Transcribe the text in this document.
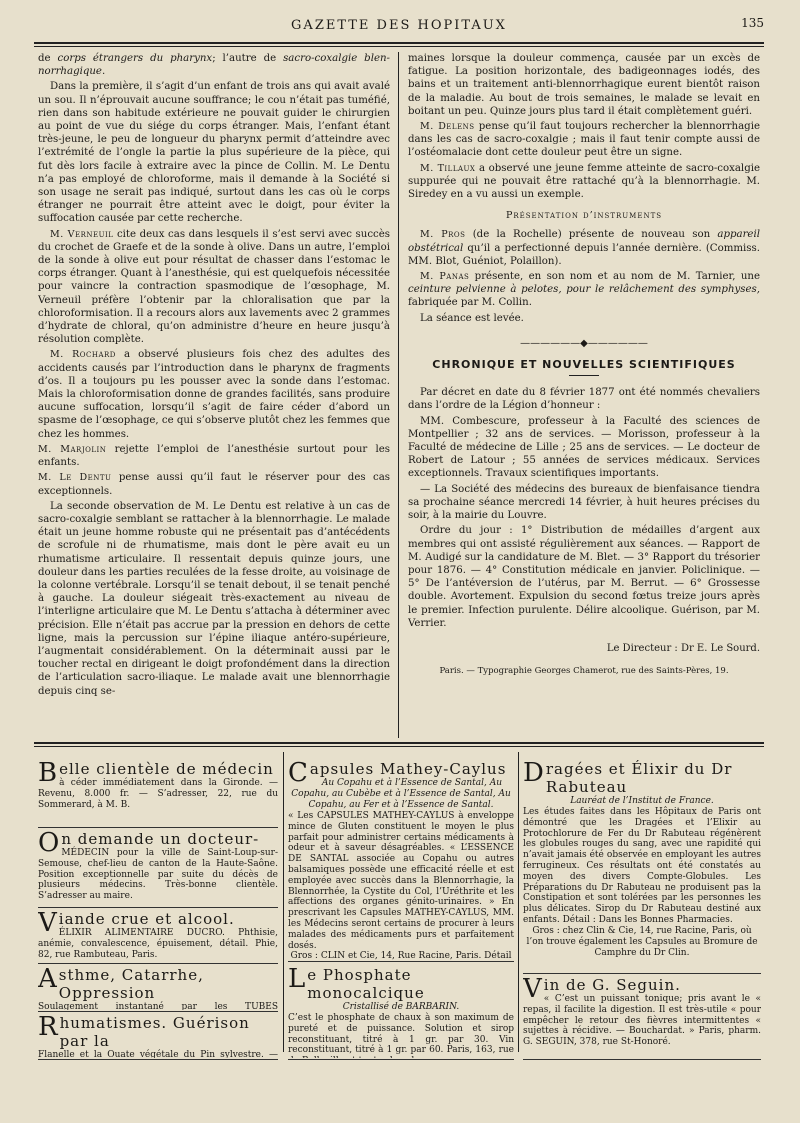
GAZETTE DES HOPITAUX	135

de corps étrangers du pharynx; l’autre de sacro-coxalgie blen- norrhagique.

Dans la première, il s’agit d’un enfant de trois ans qui avait avalé un sou. Il n’éprouvait aucune souffrance; le cou n’était pas tuméfié, rien dans son habitude extérieure ne pouvait guider le chirurgien au point de vue du siége du corps étranger. Mais, l’enfant étant très-jeune, le peu de longueur du pharynx permit d’atteindre avec l’extrémité de l’ongle la partie la plus supérieure de la pièce, qui fut dès lors facile à extraire avec la pince de Collin. M. Le Dentu n’a pas employé de chloroforme, mais il demande à la Société si son usage ne serait pas indiqué, surtout dans les cas où le corps étranger ne pourrait être atteint avec le doigt, pour éviter la suffocation causée par cette recherche.

M. Verneuil cite deux cas dans lesquels il s’est servi avec succès du crochet de Graefe et de la sonde à olive. Dans un autre, l’emploi de la sonde à olive eut pour résultat de chasser dans l’estomac le corps étranger. Quant à l’anesthésie, qui est quelquefois nécessitée pour vaincre la contraction spasmodique de l’œsophage, M. Verneuil préfère l’obtenir par la chloralisation que par la chloroformisation. Il a recours alors aux lavements avec 2 grammes d’hydrate de chloral, qu’on administre d’heure en heure jusqu’à résolution complète.

M. Rochard a observé plusieurs fois chez des adultes des accidents causés par l’introduction dans le pharynx de fragments d’os. Il a toujours pu les pousser avec la sonde dans l’estomac. Mais la chloroformisation donne de grandes facilités, sans produire aucune suffocation, lorsqu’il s’agit de faire céder d’abord un spasme de l’œsophage, ce qui s’observe plutôt chez les femmes que chez les hommes.

M. Marjolin rejette l’emploi de l’anesthésie surtout pour les enfants.

M. Le Dentu pense aussi qu’il faut le réserver pour des cas exceptionnels.

La seconde observation de M. Le Dentu est relative à un cas de sacro-coxalgie semblant se rattacher à la blennorrhagie. Le malade était un jeune homme robuste qui ne présentait pas d’antécédents de scrofule ni de rhumatisme, mais dont le père avait eu un rhumatisme articulaire. Il ressentait depuis quinze jours, une douleur dans les parties reculées de la fesse droite, au voisinage de la colonne vertébrale. Lorsqu’il se tenait debout, il se tenait penché à gauche. La douleur siégeait très-exactement au niveau de l’interligne articulaire que M. Le Dentu s’attacha à déterminer avec précision. Elle n’était pas accrue par la pression en dehors de cette ligne, mais la percussion sur l’épine iliaque antéro-supérieure, l’augmentait considérablement. On la déterminait aussi par le toucher rectal en dirigeant le doigt profondément dans la direction de l’articulation sacro-iliaque. Le malade avait une blennorrhagie depuis cinq se-

maines lorsque la douleur commença, causée par un excès de fatigue. La position horizontale, des badigeonnages iodés, des bains et un traitement anti-blennorrhagique eurent bientôt raison de la maladie. Au bout de trois semaines, le malade se levait en boitant un peu. Quinze jours plus tard il était complètement guéri.

M. Delens pense qu’il faut toujours rechercher la blennorrhagie dans les cas de sacro-coxalgie ; mais il faut tenir compte aussi de l’ostéomalacie dont cette douleur peut être un signe.

M. Tillaux a observé une jeune femme atteinte de sacro-coxalgie suppurée qui ne pouvait être rattaché qu’à la blennorrhagie. M. Siredey en a vu aussi un exemple.

Présentation d’instruments

M. Pros (de la Rochelle) présente de nouveau son appareil obstétrical qu’il a perfectionné depuis l’année dernière. (Commiss. MM. Blot, Guéniot, Polaillon).

M. Panas présente, en son nom et au nom de M. Tarnier, une ceinture pelvienne à pelotes, pour le relâchement des symphyses, fabriquée par M. Collin.

La séance est levée.

——————◆——————
CHRONIQUE ET NOUVELLES SCIENTIFIQUES

Par décret en date du 8 février 1877 ont été nommés chevaliers dans l’ordre de la Légion d’honneur :

MM. Combescure, professeur à la Faculté des sciences de Montpellier ; 32 ans de services. — Morisson, professeur à la Faculté de médecine de Lille ; 25 ans de services. — Le docteur de Robert de Latour ; 55 années de services médicaux. Services exceptionnels. Travaux scientifiques importants.

— La Société des médecins des bureaux de bienfaisance tiendra sa prochaine séance mercredi 14 février, à huit heures précises du soir, à la mairie du Louvre.

Ordre du jour : 1° Distribution de médailles d’argent aux membres qui ont assisté régulièrement aux séances. — Rapport de M. Audigé sur la candidature de M. Blet. — 3° Rapport du trésorier pour 1876. — 4° Constitution médicale en janvier. Policlinique. — 5° De l’antéversion de l’utérus, par M. Berrut. — 6° Grossesse double. Avortement. Expulsion du second fœtus treize jours après le premier. Infection purulente. Délire alcoolique. Guérison, par M. Verrier.

Le Directeur : Dr E. Le Sourd.
Paris. — Typographie Georges Chamerot, rue des Saints-Pères, 19.
B elle clientèle de médecin
à céder immédiatement dans la Gironde. — Revenu, 8.000 fr. — S’adresser, 22, rue du Sommerard, à M. B.
O n demande un docteur-
MÉDECIN pour la ville de Saint-Loup-sur-Semouse, chef-lieu de canton de la Haute-Saône. Position exceptionnelle par suite du décès de plusieurs médecins. Très-bonne clientèle. S’adresser au maire.
V iande crue et alcool.
ÉLIXIR ALIMENTAIRE DUCRO. Phthisie, anémie, convalescence, épuisement, détail. Phie, 82, rue Rambuteau, Paris.
A sthme, Catarrhe, Oppression
Soulagement instantané par les TUBES
R humatismes. Guérison par la
Flanelle et la Ouate végétale du Pin sylvestre. —
C apsules Mathey-Caylus
Au Copahu et à l’Essence de Santal, Au Copahu, au Cubèbe et à l’Essence de Santal, Au Copahu, au Fer et à l’Essence de Santal.
« Les CAPSULES MATHEY-CAYLUS à enveloppe mince de Gluten constituent le moyen le plus parfait pour administrer certains médicaments à odeur et à saveur désagréables. « L’ESSENCE DE SANTAL associée au Copahu ou autres balsamiques possède une efficacité réelle et est employée avec succès dans la Blennorrhagie, la Blennorrhée, la Cystite du Col, l’Uréthrite et les affections des organes génito-urinaires. » En prescrivant les Capsules MATHEY-CAYLUS, MM. les Médecins seront certains de procurer à leurs malades des médicaments purs et parfaitement dosés.
Gros : CLIN et Cie, 14, Rue Racine, Paris. Détail
L e Phosphate monocalcique
Cristallisé de BARBARIN.
C’est le phosphate de chaux à son maximum de pureté et de puissance. Solution et sirop reconstituant, titré à 1 gr. par 30. Vin reconstituant, titré à 1 gr. par 60. Paris, 163, rue
D ragées et Élixir du Dr Rabuteau
Lauréat de l’Institut de France.
Les études faites dans les Hôpitaux de Paris ont démontré que les Dragées et l’Elixir au Protochlorure de Fer du Dr Rabuteau régénèrent les globules rouges du sang, avec une rapidité qui n’avait jamais été observée en employant les autres ferrugineux. Ces résultats ont été constatés au moyen des divers Compte-Globules. Les Préparations du Dr Rabuteau ne produisent pas la Constipation et sont tolérées par les personnes les plus délicates. Sirop du Dr Rabuteau destiné aux enfants. Détail : Dans les Bonnes Pharmacies.
Gros : chez Clin & Cie, 14, rue Racine, Paris, où l’on trouve également les Capsules au Bromure de Camphre du Dr Clin.
V in de G. Seguin.
« C’est un puissant tonique; pris avant le « repas, il facilite la digestion. Il est très-utile « pour empêcher le retour des fièvres intermittentes « sujettes à récidive. — Bouchardat. » Paris, pharm. G. SEGUIN, 378, rue St-Honoré.
